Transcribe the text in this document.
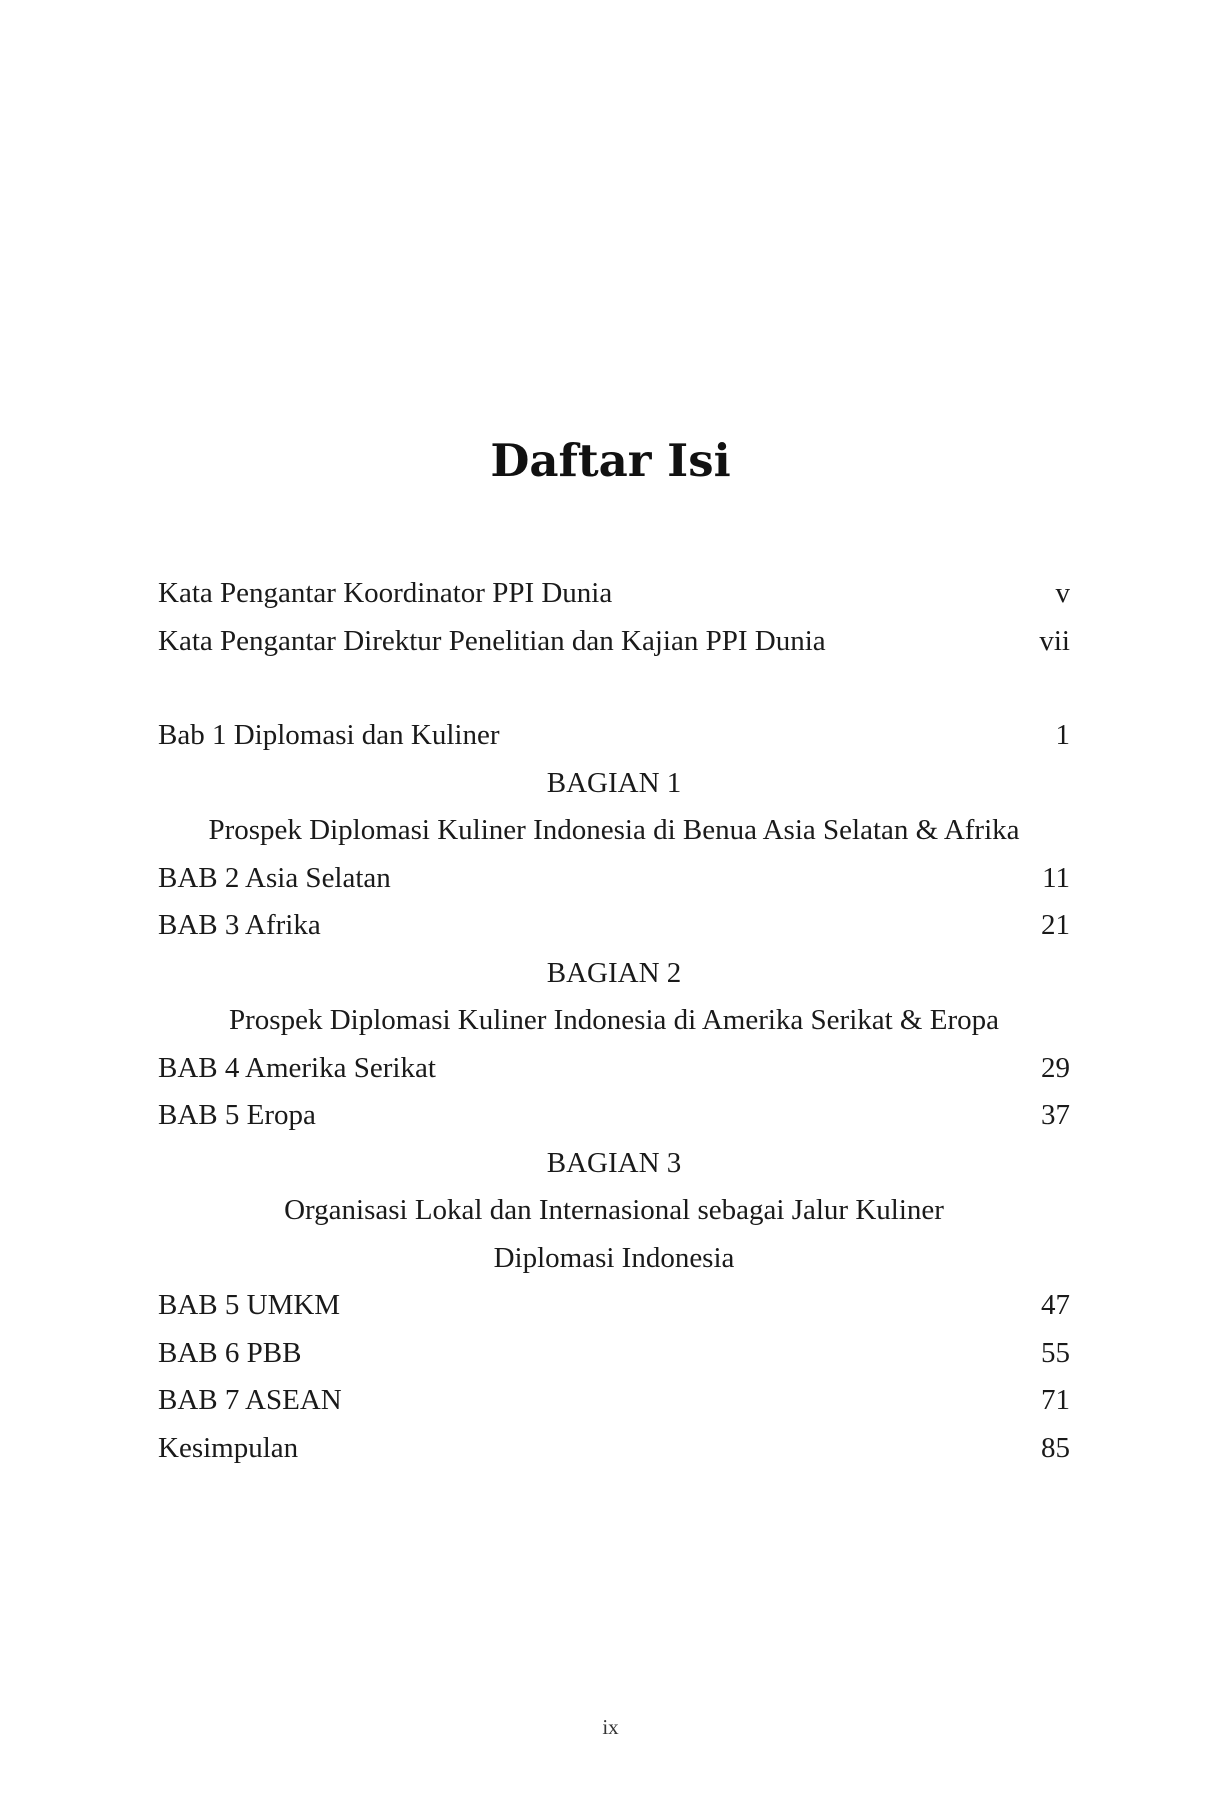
Daftar Isi
Kata Pengantar Koordinator PPI Dunia	v
Kata Pengantar Direktur Penelitian dan Kajian PPI Dunia	vii
Bab 1 Diplomasi dan Kuliner	1
BAGIAN 1
Prospek Diplomasi Kuliner Indonesia di Benua Asia Selatan & Afrika
BAB 2 Asia Selatan	11
BAB 3 Afrika	21
BAGIAN 2
Prospek Diplomasi Kuliner Indonesia di Amerika Serikat & Eropa
BAB 4 Amerika Serikat	29
BAB 5 Eropa	37
BAGIAN 3
Organisasi Lokal dan Internasional sebagai Jalur Kuliner
Diplomasi Indonesia
BAB 5 UMKM	47
BAB 6 PBB	55
BAB 7 ASEAN	71
Kesimpulan	85
ix
